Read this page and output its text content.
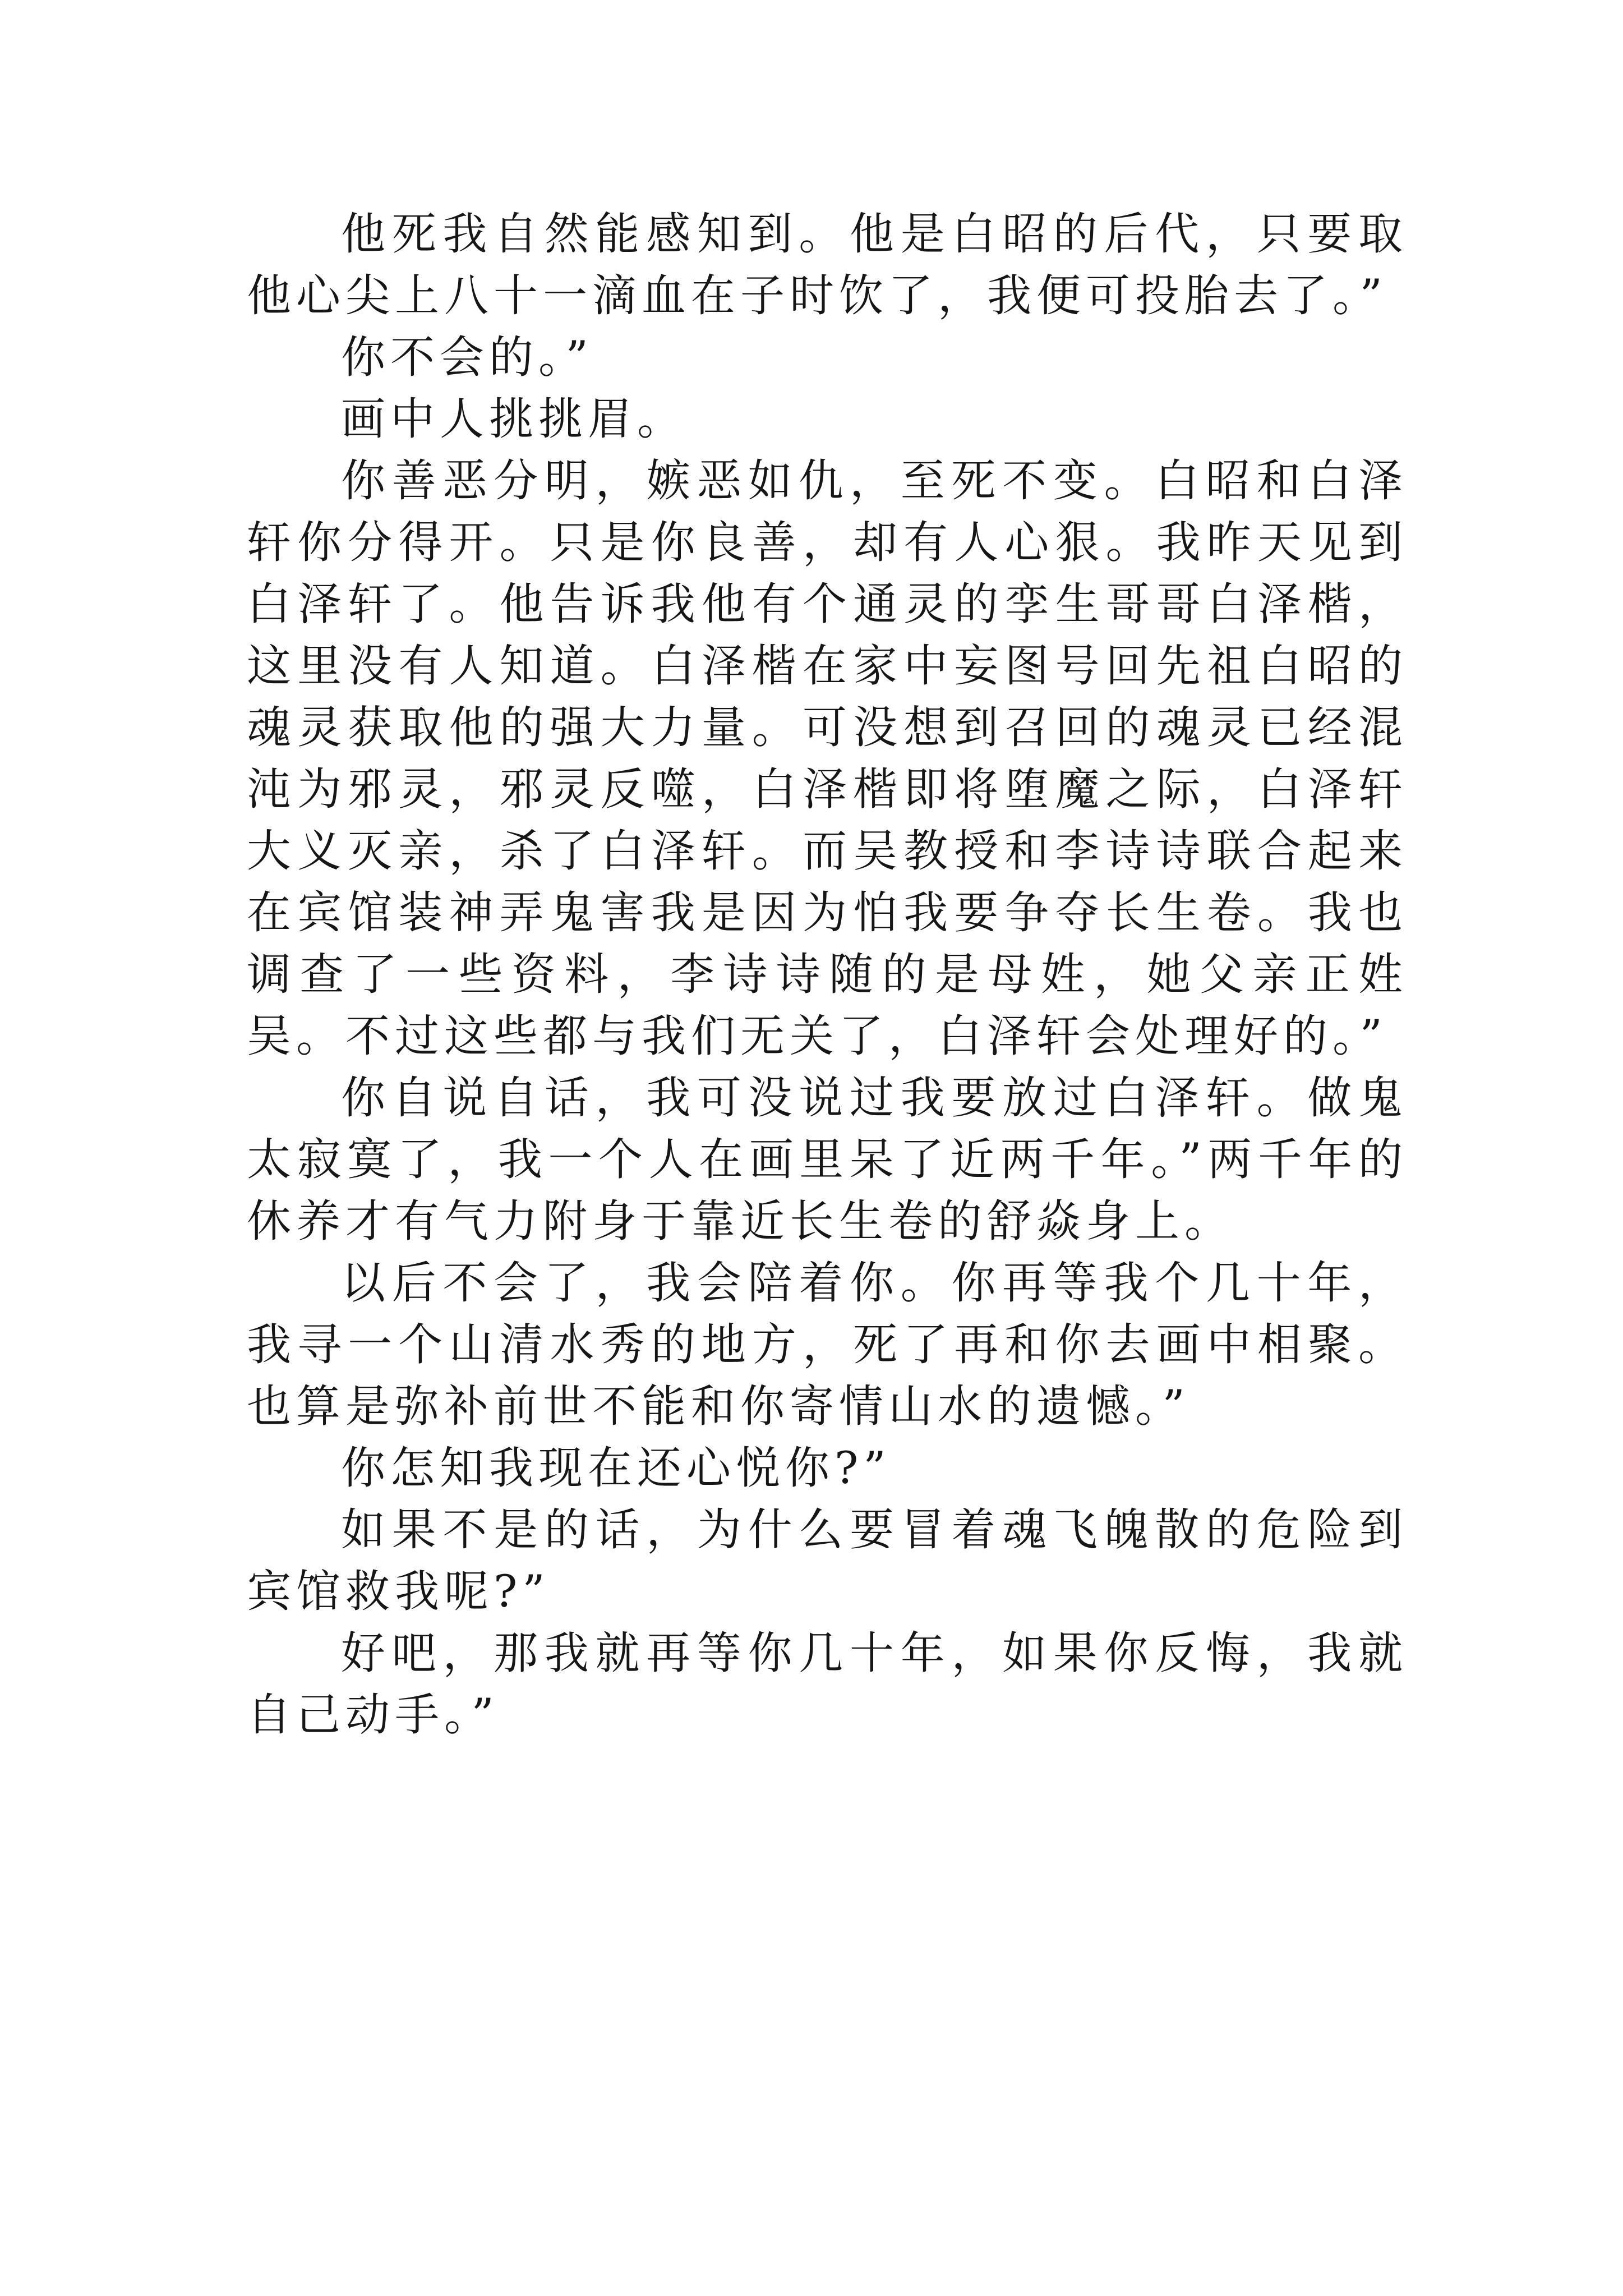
他死我自然能感知到。他是白昭的后代，只要取他心尖上八十一滴血在子时饮了，我便可投胎去了。”

你不会的。”

画中人挑挑眉。

你善恶分明，嫉恶如仇，至死不变。白昭和白泽轩你分得开。只是你良善，却有人心狠。我昨天见到白泽轩了。他告诉我他有个通灵的孪生哥哥白泽楷，这里没有人知道。白泽楷在家中妄图号回先祖白昭的魂灵获取他的强大力量。可没想到召回的魂灵已经混沌为邪灵，邪灵反噬，白泽楷即将堕魔之际，白泽轩大义灭亲，杀了白泽轩。而吴教授和李诗诗联合起来在宾馆装神弄鬼害我是因为怕我要争夺长生卷。我也调查了一些资料，李诗诗随的是母姓，她父亲正姓吴。不过这些都与我们无关了，白泽轩会处理好的。”

你自说自话，我可没说过我要放过白泽轩。做鬼太寂寞了，我一个人在画里呆了近两千年。”两千年的休养才有气力附身于靠近长生卷的舒焱身上。

以后不会了，我会陪着你。你再等我个几十年，我寻一个山清水秀的地方，死了再和你去画中相聚。也算是弥补前世不能和你寄情山水的遗憾。”

你怎知我现在还心悦你?”

如果不是的话，为什么要冒着魂飞魄散的危险到宾馆救我呢?”

好吧，那我就再等你几十年，如果你反悔，我就自己动手。”
